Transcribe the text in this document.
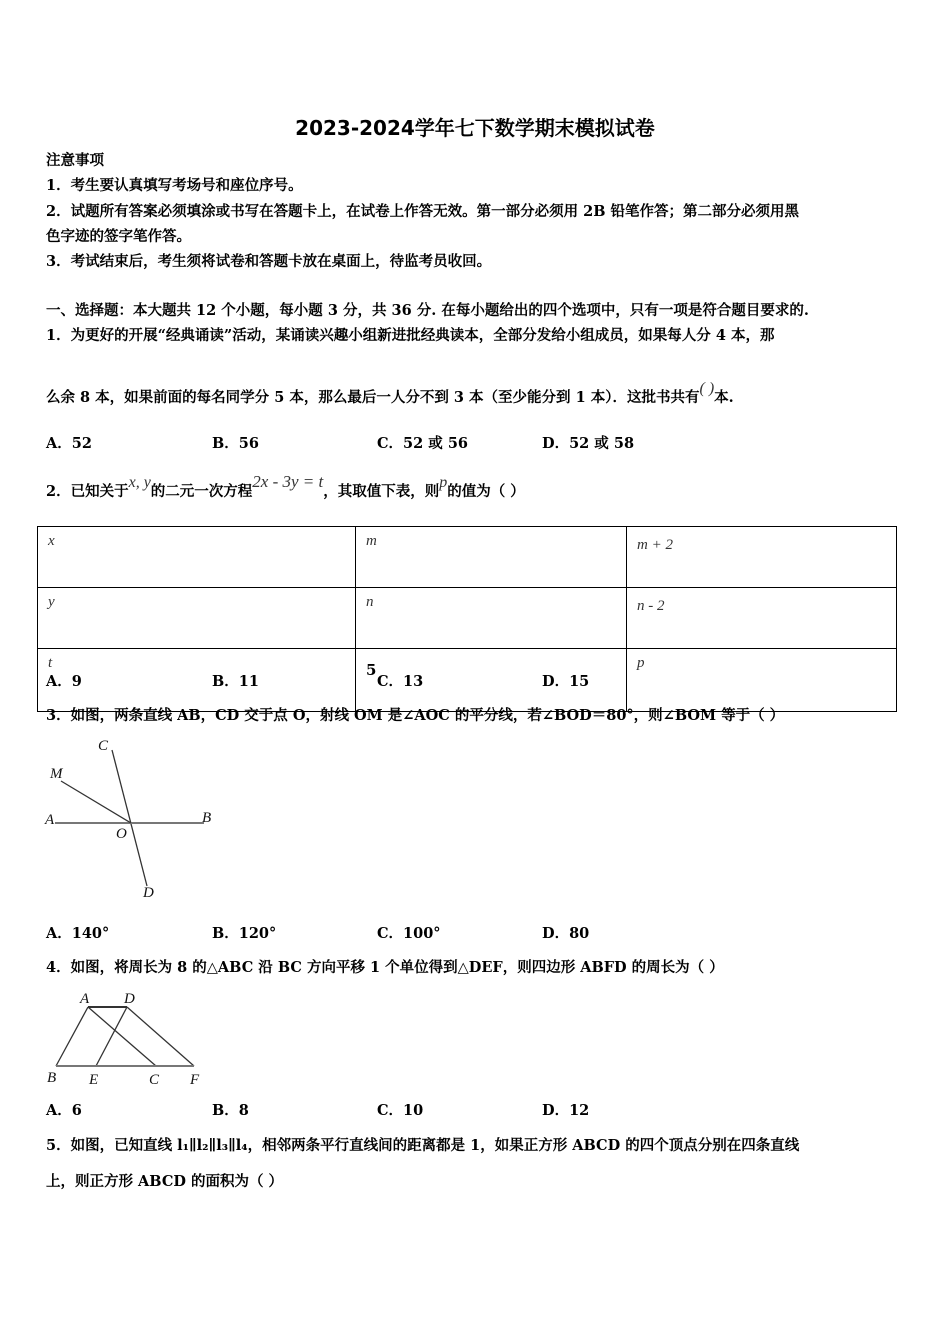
2023-2024学年七下数学期末模拟试卷
注意事项
1．考生要认真填写考场号和座位序号。
2．试题所有答案必须填涂或书写在答题卡上，在试卷上作答无效。第一部分必须用 2B 铅笔作答；第二部分必须用黑
色字迹的签字笔作答。
3．考试结束后，考生须将试卷和答题卡放在桌面上，待监考员收回。
一、选择题：本大题共 12 个小题，每小题 3 分，共 36 分. 在每小题给出的四个选项中，只有一项是符合题目要求的.
1．为更好的开展“经典诵读”活动，某诵读兴趣小组新进批经典读本，全部分发给小组成员，如果每人分 4 本，那
么余 8 本，如果前面的每名同学分 5 本，那么最后一人分不到 3 本（至少能分到 1 本）．这批书共有( )本.
A．52	B．56	C．52 或 56	D．52 或 58
2．已知关于x, y的二元一次方程2x - 3y = t，其取值下表，则p的值为（ ）
x	m	m + 2
y	n	n - 2
t	5	p
A．9	B．11	C．13	D．15
3．如图，两条直线 AB，CD 交于点 O，射线 OM 是∠AOC 的平分线，若∠BOD＝80°，则∠BOM 等于（ ）
C
M
A	B
O
D
A D
B E	C F
A．140°	B．120°	C．100°	D．80
4．如图，将周长为 8 的△ABC 沿 BC 方向平移 1 个单位得到△DEF，则四边形 ABFD 的周长为（ ）
A．6	B．8	C．10	D．12
5．如图，已知直线 l₁∥l₂∥l₃∥l₄，相邻两条平行直线间的距离都是 1，如果正方形 ABCD 的四个顶点分别在四条直线
上，则正方形 ABCD 的面积为（ ）
